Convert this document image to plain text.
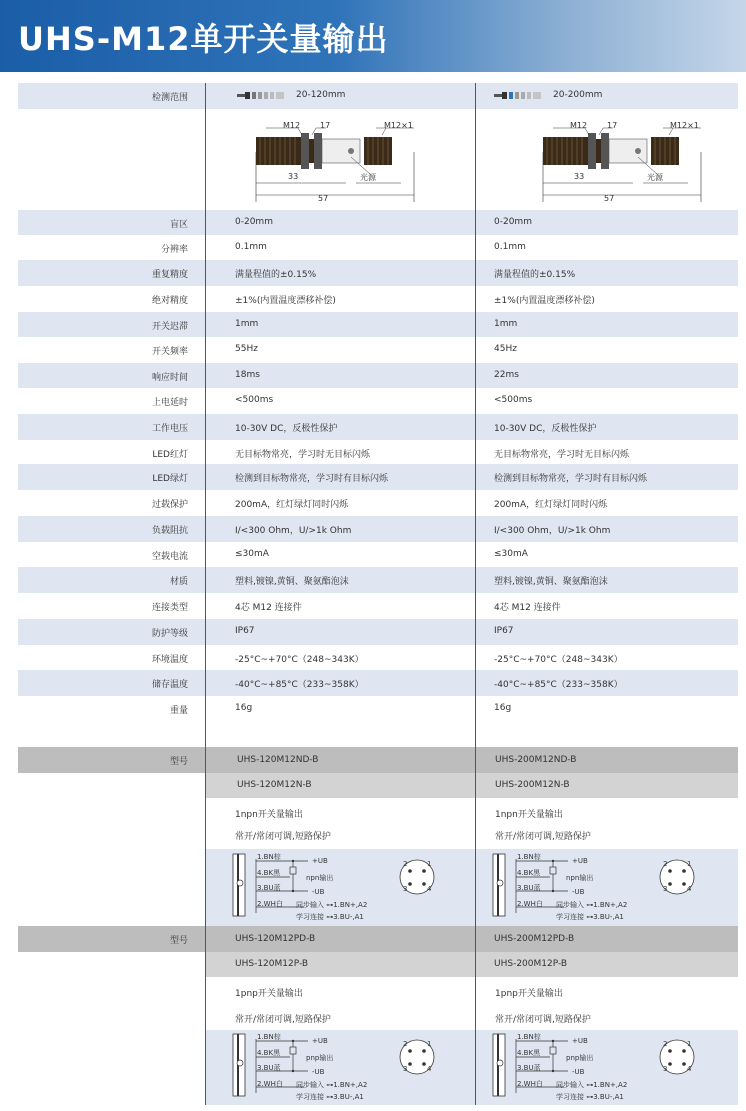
UHS-M12单开关量输出
检测范围	20-120mm	20-200mm
M12 17	M12×1
33	光源
57
M12 17	M12×1
33	光源
57
盲区	0-20mm	0-20mm
分辨率	0.1mm	0.1mm
重复精度	满量程值的±0.15%	满量程值的±0.15%
绝对精度	±1%(内置温度漂移补偿)	±1%(内置温度漂移补偿)
开关迟滞	1mm	1mm
开关频率	55Hz	45Hz
响应时间	18ms	22ms
上电延时	<500ms	<500ms
工作电压	10-30V DC，反极性保护	10-30V DC，反极性保护
LED红灯	无目标物常亮，学习时无目标闪烁	无目标物常亮，学习时无目标闪烁
LED绿灯	检测到目标物常亮，学习时有目标闪烁	检测到目标物常亮，学习时有目标闪烁
过载保护	200mA，红灯绿灯同时闪烁	200mA，红灯绿灯同时闪烁
负载阻抗	I/<300 Ohm，U/>1k Ohm	I/<300 Ohm，U/>1k Ohm
空载电流	≤30mA	≤30mA
材质	塑料,镀镍,黄铜、聚氨酯泡沫	塑料,镀镍,黄铜、聚氨酯泡沫
连接类型	4芯 M12 连接件	4芯 M12 连接件
防护等级	IP67	IP67
环境温度	-25°C~+70°C（248~343K）	-25°C~+70°C（248~343K）
储存温度	-40°C~+85°C（233~358K）	-40°C~+85°C（233~358K）
重量	16g	16g
型号	UHS-120M12ND-B	UHS-200M12ND-B
UHS-120M12N-B	UHS-200M12N-B
1npn开关量输出	1npn开关量输出
常开/常闭可调,短路保护	常开/常闭可调,短路保护
型号	UHS-120M12PD-B	UHS-200M12PD-B
UHS-120M12P-B	UHS-200M12P-B
1pnp开关量输出	1pnp开关量输出
常开/常闭可调,短路保护	常开/常闭可调,短路保护
1.BN棕
4.BK黑
3.BU蓝
2.WH白
+UB
npn输出
-UB
同步输入 ⊶1.BN+,A2
学习连接 ⊶3.BU-,A1
2	1
3	4
1.BN棕
4.BK黑
3.BU蓝
2.WH白
+UB
npn输出
-UB
同步输入 ⊶1.BN+,A2
学习连接 ⊶3.BU-,A1
2	1
3	4
1.BN棕
4.BK黑
3.BU蓝
2.WH白
+UB
pnp输出
-UB
同步输入 ⊶1.BN+,A2
学习连接 ⊶3.BU-,A1
2	1
3	4
1.BN棕
4.BK黑
3.BU蓝
2.WH白
+UB
pnp输出
-UB
同步输入 ⊶1.BN+,A2
学习连接 ⊶3.BU-,A1
2	1
3	4
